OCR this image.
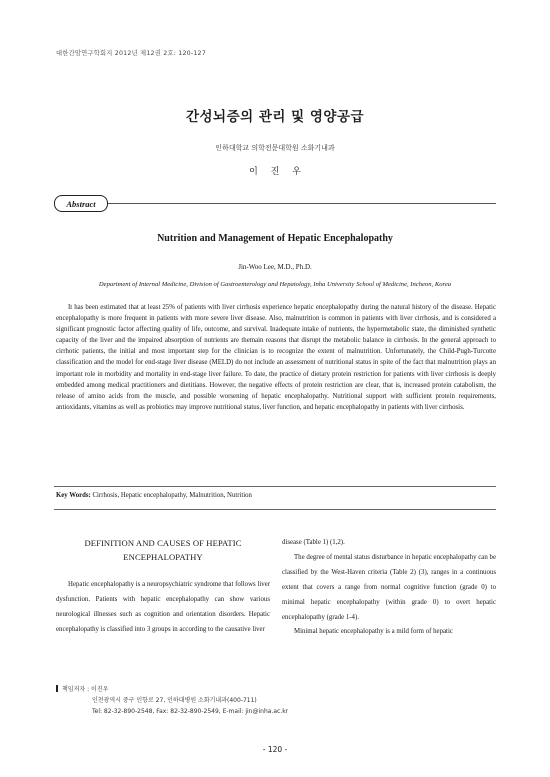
대한간암연구학회지 2012년 제12권 2호: 120-127
간성뇌증의 관리 및 영양공급
인하대학교 의학전문대학원 소화기내과
이 진 우
Abstract
Nutrition and Management of Hepatic Encephalopathy
Jin-Woo Lee, M.D., Ph.D.
Department of Internal Medicine, Division of Gastroenterology and Hepatology, Inha University School of Medicine, Incheon, Korea
It has been estimated that at least 25% of patients with liver cirrhosis experience hepatic encephalopathy during the natural history of the disease. Hepatic encephalopathy is more frequent in patients with more severe liver disease. Also, malnutrition is common in patients with liver cirrhosis, and is considered a significant prognostic factor affecting quality of life, outcome, and survival. Inadequate intake of nutrients, the hypermetabolic state, the diminished synthetic capacity of the liver and the impaired absorption of nutrients are themain reasons that disrupt the metabolic balance in cirrhosis. In the general approach to cirrhotic patients, the initial and most important step for the clinician is to recognize the extent of malnutrition. Unfortunately, the Child-Pugh-Turcotte classification and the model for end-stage liver disease (MELD) do not include an assessment of nutritional status in spite of the fact that malnutrition plays an important role in morbidity and mortality in end-stage liver failure. To date, the practice of dietary protein restriction for patients with liver cirrhosis is deeply embedded among medical practitioners and dietitians. However, the negative effects of protein restriction are clear, that is, increased protein catabolism, the release of amino acids from the muscle, and possible worsening of hepatic encephalopathy. Nutritional support with sufficient protein requirements, antioxidants, vitamins as well as probiotics may improve nutritional status, liver function, and hepatic encephalopathy in patients with liver cirrhosis.
Key Words: Cirrhosis, Hepatic encephalopathy, Malnutrition, Nutrition
DEFINITION AND CAUSES OF HEPATIC ENCEPHALOPATHY

Hepatic encephalopathy is a neuropsychiatric syndrome that follows liver dysfunction. Patients with hepatic encephalopathy can show various neurological illnesses such as cognition and orientation disorders. Hepatic encephalopathy is classified into 3 groups in according to the causative liver

disease (Table 1) (1,2).

The degree of mental status disturbance in hepatic encephalopathy can be classified by the West-Haven criteria (Table 2) (3), ranges in a continuous extent that covers a range from normal cognitive function (grade 0) to minimal hepatic encephalopathy (within grade 0) to overt hepatic encephalopathy (grade 1-4).

Minimal hepatic encephalopathy is a mild form of hepatic

책임저자 : 이진우
인천광역시 중구 인항로 27, 인하대병원 소화기내과(400-711)
Tel: 82-32-890-2548, Fax: 82-32-890-2549, E-mail: jin@inha.ac.kr
- 120 -
